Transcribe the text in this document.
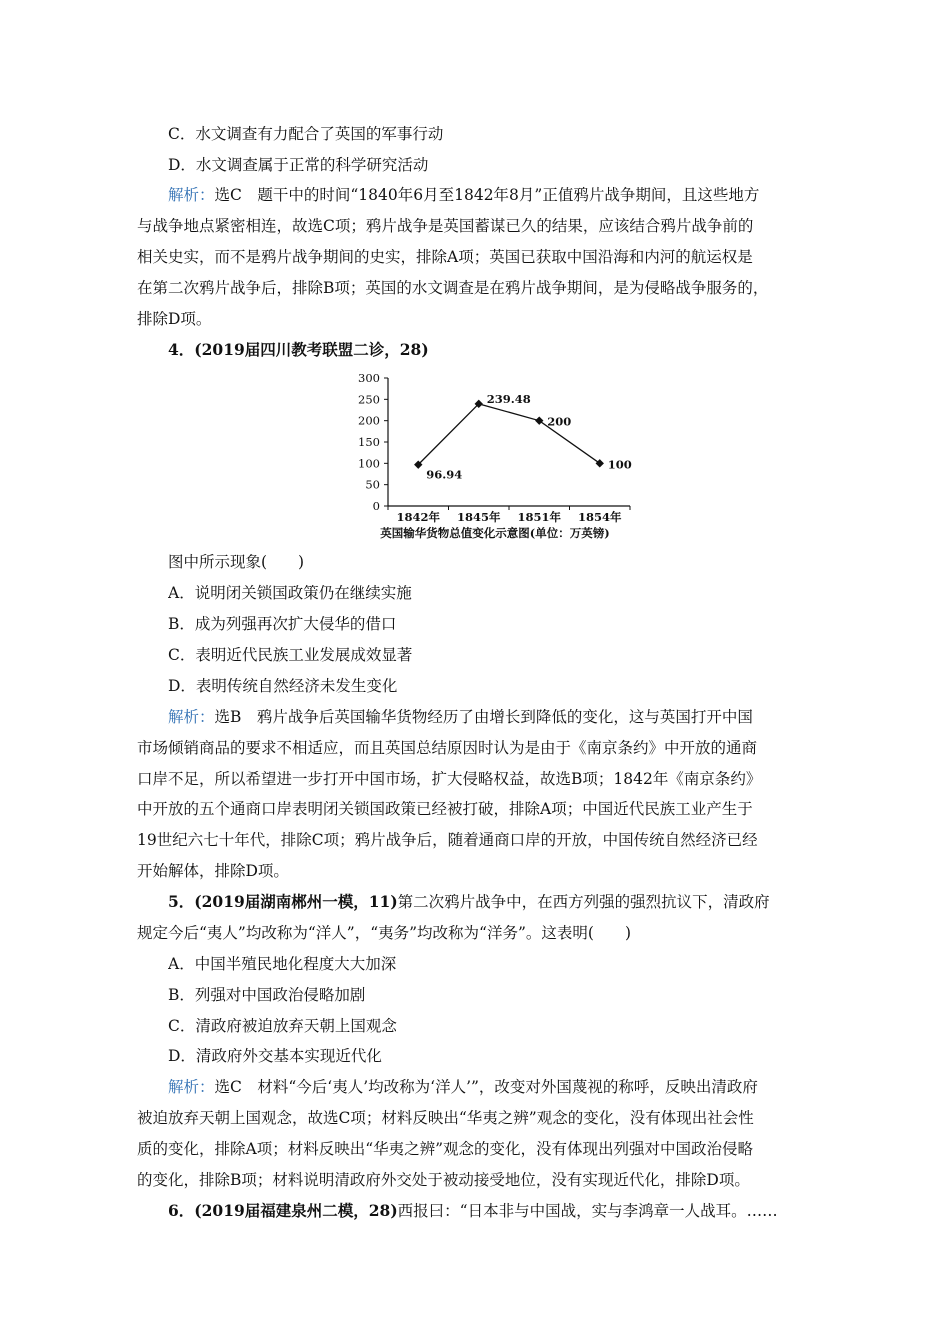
C．水文调查有力配合了英国的军事行动
D．水文调查属于正常的科学研究活动
解析：选C　题干中的时间“1840年6月至1842年8月”正值鸦片战争期间，且这些地方
与战争地点紧密相连，故选C项；鸦片战争是英国蓄谋已久的结果，应该结合鸦片战争前的
相关史实，而不是鸦片战争期间的史实，排除A项；英国已获取中国沿海和内河的航运权是
在第二次鸦片战争后，排除B项；英国的水文调查是在鸦片战争期间，是为侵略战争服务的，
排除D项。
4．(2019届四川教考联盟二诊，28)
300
250
200
150
100
50
0
1842年 1845年 1851年 1854年
96.94
239.48
200
100
英国输华货物总值变化示意图(单位：万英镑)
图中所示现象(　　)
A．说明闭关锁国政策仍在继续实施
B．成为列强再次扩大侵华的借口
C．表明近代民族工业发展成效显著
D．表明传统自然经济未发生变化
解析：选B　鸦片战争后英国输华货物经历了由增长到降低的变化，这与英国打开中国
市场倾销商品的要求不相适应，而且英国总结原因时认为是由于《南京条约》中开放的通商
口岸不足，所以希望进一步打开中国市场，扩大侵略权益，故选B项；1842年《南京条约》
中开放的五个通商口岸表明闭关锁国政策已经被打破，排除A项；中国近代民族工业产生于
19世纪六七十年代，排除C项；鸦片战争后，随着通商口岸的开放，中国传统自然经济已经
开始解体，排除D项。
5．(2019届湖南郴州一模，11)第二次鸦片战争中，在西方列强的强烈抗议下，清政府
规定今后“夷人”均改称为“洋人”，“夷务”均改称为“洋务”。这表明(　　)
A．中国半殖民地化程度大大加深
B．列强对中国政治侵略加剧
C．清政府被迫放弃天朝上国观念
D．清政府外交基本实现近代化
解析：选C　材料“今后‘夷人’均改称为‘洋人’”，改变对外国蔑视的称呼，反映出清政府
被迫放弃天朝上国观念，故选C项；材料反映出“华夷之辨”观念的变化，没有体现出社会性
质的变化，排除A项；材料反映出“华夷之辨”观念的变化，没有体现出列强对中国政治侵略
的变化，排除B项；材料说明清政府外交处于被动接受地位，没有实现近代化，排除D项。
6．(2019届福建泉州二模，28)西报曰：“日本非与中国战，实与李鸿章一人战耳。……
